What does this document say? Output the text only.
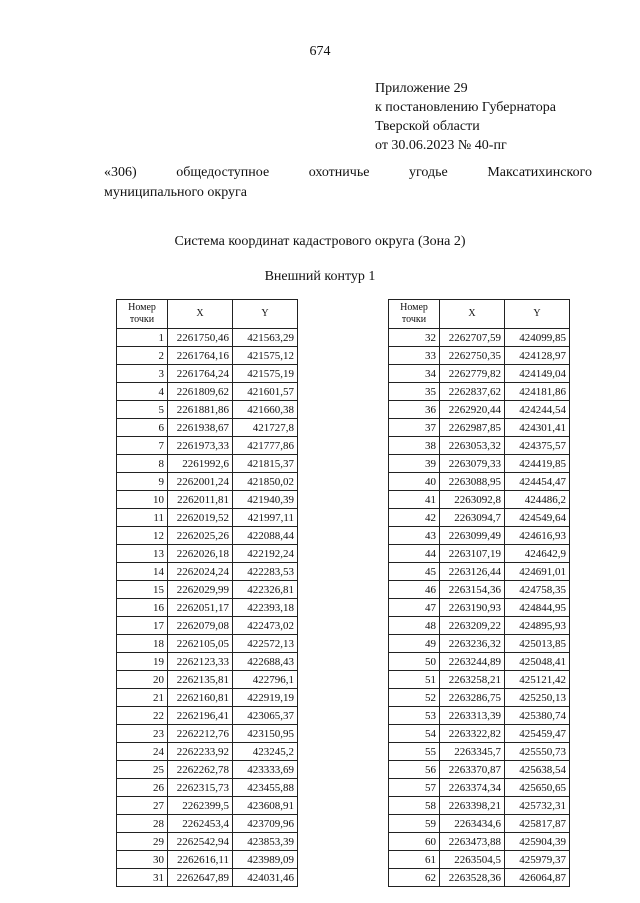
674
Приложение 29
к постановлению Губернатора
Тверской области
от 30.06.2023 № 40-пг
«306)	общедоступное	охотничье	угодье	Максатихинского
муниципального округа
Система координат кадастрового округа (Зона 2)
Внешний контур 1
Номер
точки	X	Y
1	2261750,46	421563,29
2	2261764,16	421575,12
3	2261764,24	421575,19
4	2261809,62	421601,57
5	2261881,86	421660,38
6	2261938,67	421727,8
7	2261973,33	421777,86
8	2261992,6	421815,37
9	2262001,24	421850,02
10	2262011,81	421940,39
11	2262019,52	421997,11
12	2262025,26	422088,44
13	2262026,18	422192,24
14	2262024,24	422283,53
15	2262029,99	422326,81
16	2262051,17	422393,18
17	2262079,08	422473,02
18	2262105,05	422572,13
19	2262123,33	422688,43
20	2262135,81	422796,1
21	2262160,81	422919,19
22	2262196,41	423065,37
23	2262212,76	423150,95
24	2262233,92	423245,2
25	2262262,78	423333,69
26	2262315,73	423455,88
27	2262399,5	423608,91
28	2262453,4	423709,96
29	2262542,94	423853,39
30	2262616,11	423989,09
31	2262647,89	424031,46
Номер
точки	X	Y
32	2262707,59	424099,85
33	2262750,35	424128,97
34	2262779,82	424149,04
35	2262837,62	424181,86
36	2262920,44	424244,54
37	2262987,85	424301,41
38	2263053,32	424375,57
39	2263079,33	424419,85
40	2263088,95	424454,47
41	2263092,8	424486,2
42	2263094,7	424549,64
43	2263099,49	424616,93
44	2263107,19	424642,9
45	2263126,44	424691,01
46	2263154,36	424758,35
47	2263190,93	424844,95
48	2263209,22	424895,93
49	2263236,32	425013,85
50	2263244,89	425048,41
51	2263258,21	425121,42
52	2263286,75	425250,13
53	2263313,39	425380,74
54	2263322,82	425459,47
55	2263345,7	425550,73
56	2263370,87	425638,54
57	2263374,34	425650,65
58	2263398,21	425732,31
59	2263434,6	425817,87
60	2263473,88	425904,39
61	2263504,5	425979,37
62	2263528,36	426064,87
